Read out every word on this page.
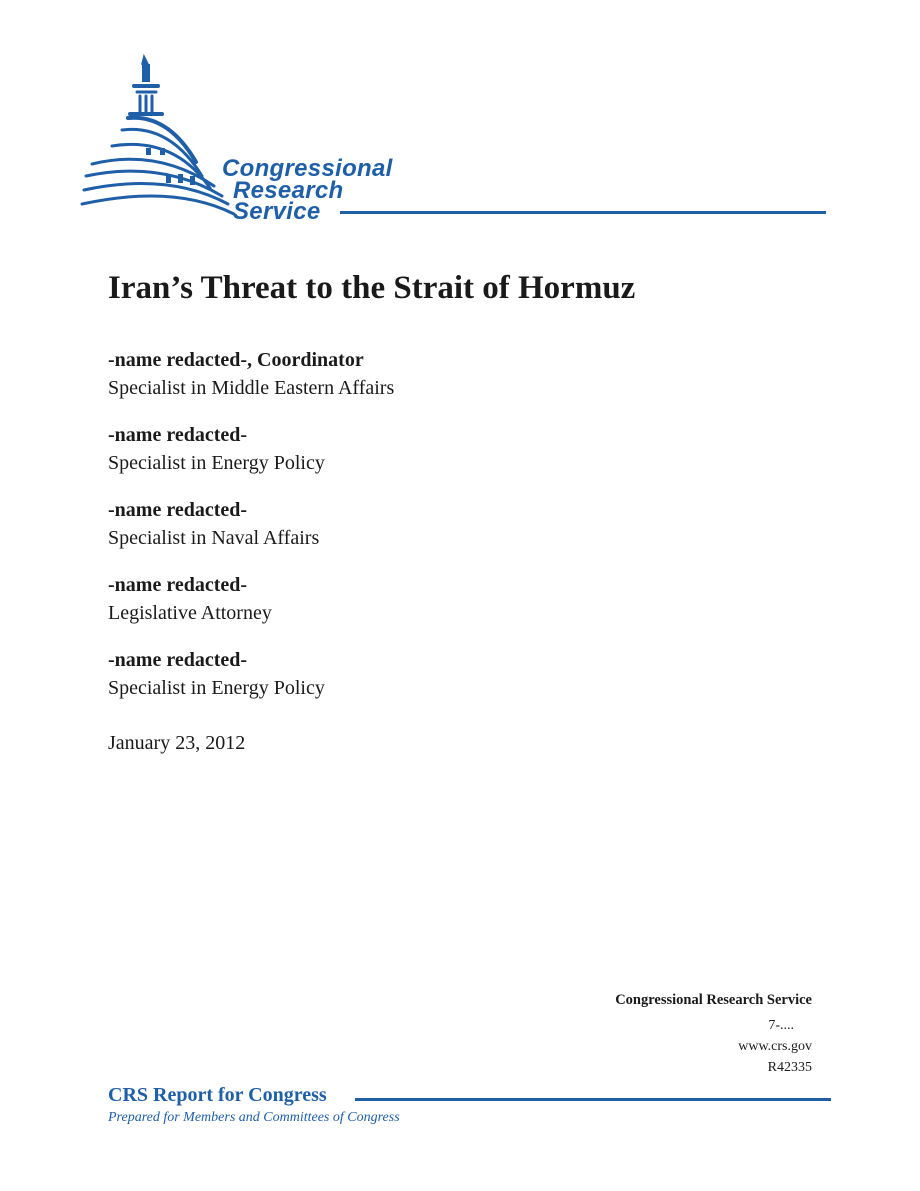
Congressional
Research
Service
Iran’s Threat to the Strait of Hormuz
-name redacted-, Coordinator
Specialist in Middle Eastern Affairs
-name redacted-
Specialist in Energy Policy
-name redacted-
Specialist in Naval Affairs
-name redacted-
Legislative Attorney
-name redacted-
Specialist in Energy Policy
January 23, 2012
Congressional Research Service
7-....
www.crs.gov
R42335
CRS Report for Congress
Prepared for Members and Committees of Congress
